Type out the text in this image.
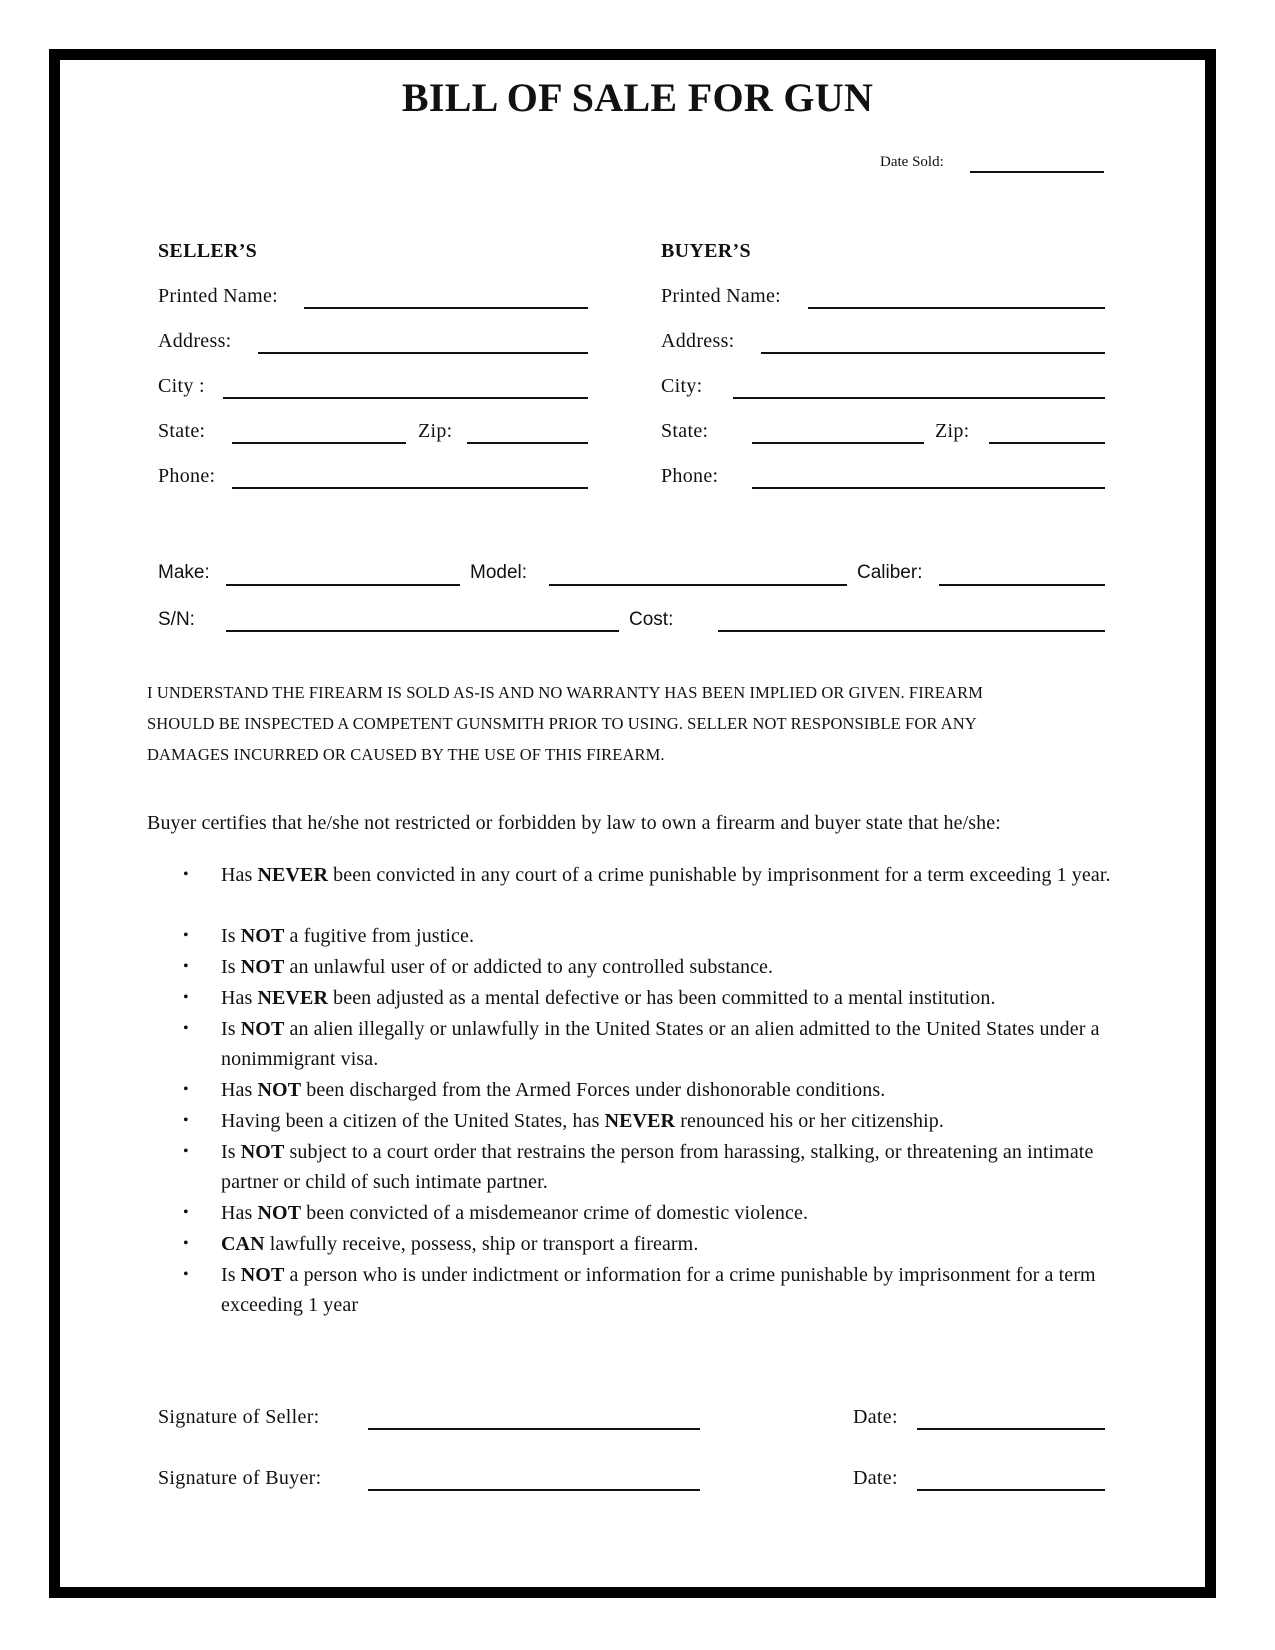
BILL OF SALE FOR GUN
Date Sold:
SELLER’S
Printed Name:
Address:
City :
State:	Zip:
Phone:
BUYER’S
Printed Name:
Address:
City:
State:	Zip:
Phone:
Make:	Model:	Caliber:
S/N:	Cost:
I UNDERSTAND THE FIREARM IS SOLD AS-IS AND NO WARRANTY HAS BEEN IMPLIED OR GIVEN. FIREARM
SHOULD BE INSPECTED A COMPETENT GUNSMITH PRIOR TO USING. SELLER NOT RESPONSIBLE FOR ANY
DAMAGES INCURRED OR CAUSED BY THE USE OF THIS FIREARM.
Buyer certifies that he/she not restricted or forbidden by law to own a firearm and buyer state that he/she:
• Has NEVER been convicted in any court of a crime punishable by imprisonment for a term exceeding 1 year.
• Is NOT a fugitive from justice.
• Is NOT an unlawful user of or addicted to any controlled substance.
• Has NEVER been adjusted as a mental defective or has been committed to a mental institution.
• Is NOT an alien illegally or unlawfully in the United States or an alien admitted to the United States under a nonimmigrant visa.
• Has NOT been discharged from the Armed Forces under dishonorable conditions.
• Having been a citizen of the United States, has NEVER renounced his or her citizenship.
• Is NOT subject to a court order that restrains the person from harassing, stalking, or threatening an intimate partner or child of such intimate partner.
• Has NOT been convicted of a misdemeanor crime of domestic violence.
• CAN lawfully receive, possess, ship or transport a firearm.
• Is NOT a person who is under indictment or information for a crime punishable by imprisonment for a term exceeding 1 year
Signature of Seller:	Date:
Signature of Buyer:	Date:
